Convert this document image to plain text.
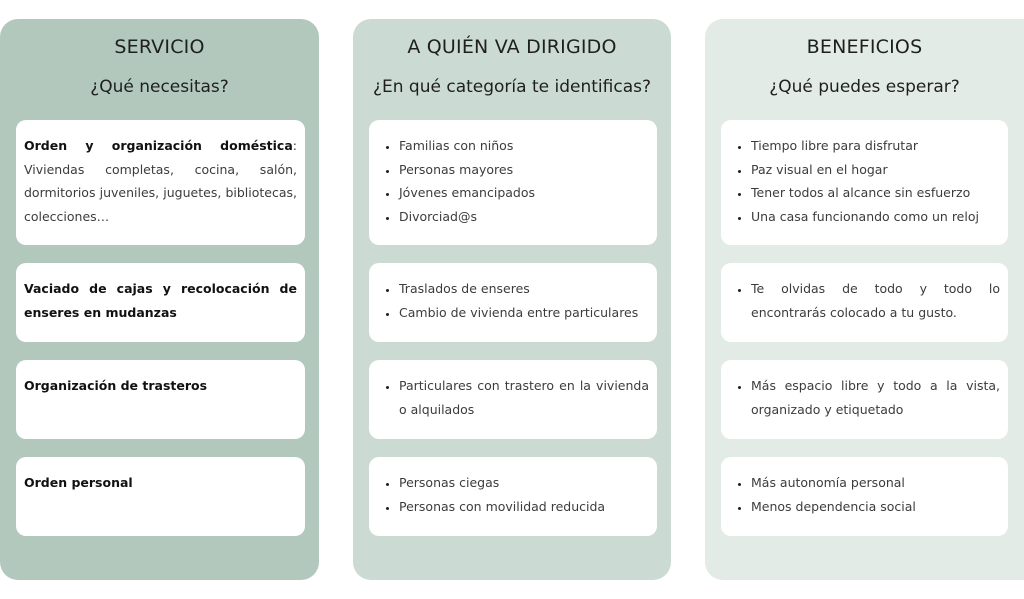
SERVICIO
¿Qué necesitas?
Orden y organización doméstica: Viviendas completas, cocina, salón, dormitorios juveniles, juguetes, bibliotecas, colecciones…
Vaciado de cajas y recolocación de enseres en mudanzas
Organización de trasteros
Orden personal
A QUIÉN VA DIRIGIDO
¿En qué categoría te identificas?
• Familias con niños
• Personas mayores
• Jóvenes emancipados
• Divorciad@s
• Traslados de enseres
• Cambio de vivienda entre particulares
• Particulares con trastero en la vivienda o alquilados
• Personas ciegas
• Personas con movilidad reducida
BENEFICIOS
¿Qué puedes esperar?
• Tiempo libre para disfrutar
• Paz visual en el hogar
• Tener todos al alcance sin esfuerzo
• Una casa funcionando como un reloj
• Te olvidas de todo y todo lo encontrarás colocado a tu gusto.
• Más espacio libre y todo a la vista, organizado y etiquetado
• Más autonomía personal
• Menos dependencia social
